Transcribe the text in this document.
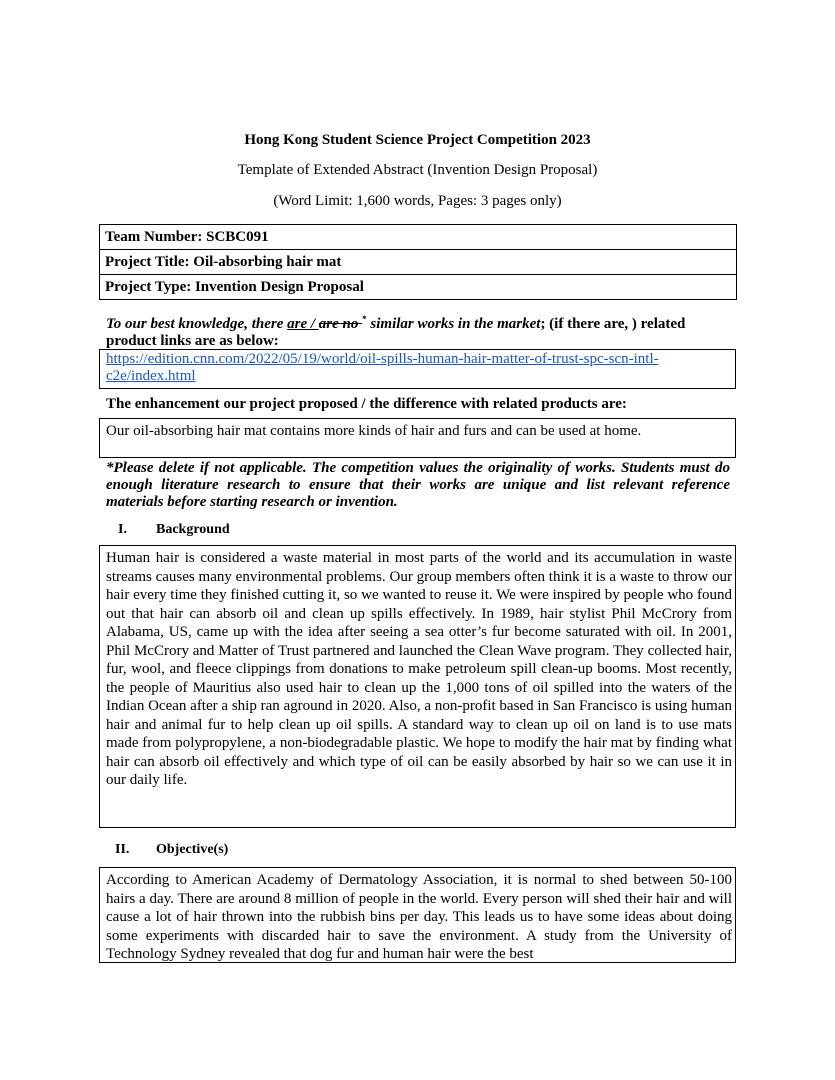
Hong Kong Student Science Project Competition 2023
Template of Extended Abstract (Invention Design Proposal)
(Word Limit: 1,600 words, Pages: 3 pages only)
Team Number: SCBC091
Project Title: Oil-absorbing hair mat
Project Type: Invention Design Proposal
To our best knowledge, there are / are no * similar works in the market; (if there are, ) related product links are as below:
https://edition.cnn.com/2022/05/19/world/oil-spills-human-hair-matter-of-trust-spc-scn-intl-c2e/index.html
The enhancement our project proposed / the difference with related products are:
Our oil-absorbing hair mat contains more kinds of hair and furs and can be used at home.
*Please delete if not applicable. The competition values the originality of works. Students must do enough literature research to ensure that their works are unique and list relevant reference materials before starting research or invention.
I. Background
Human hair is considered a waste material in most parts of the world and its accumulation in waste streams causes many environmental problems. Our group members often think it is a waste to throw our hair every time they finished cutting it, so we wanted to reuse it. We were inspired by people who found out that hair can absorb oil and clean up spills effectively. In 1989, hair stylist Phil McCrory from Alabama, US, came up with the idea after seeing a sea otter’s fur become saturated with oil. In 2001, Phil McCrory and Matter of Trust partnered and launched the Clean Wave program. They collected hair, fur, wool, and fleece clippings from donations to make petroleum spill clean-up booms. Most recently, the people of Mauritius also used hair to clean up the 1,000 tons of oil spilled into the waters of the Indian Ocean after a ship ran aground in 2020. Also, a non-profit based in San Francisco is using human hair and animal fur to help clean up oil spills. A standard way to clean up oil on land is to use mats made from polypropylene, a non-biodegradable plastic. We hope to modify the hair mat by finding what hair can absorb oil effectively and which type of oil can be easily absorbed by hair so we can use it in our daily life.
II. Objective(s)
According to American Academy of Dermatology Association, it is normal to shed between 50-100 hairs a day. There are around 8 million of people in the world. Every person will shed their hair and will cause a lot of hair thrown into the rubbish bins per day. This leads us to have some ideas about doing some experiments with discarded hair to save the environment. A study from the University of Technology Sydney revealed that dog fur and human hair were the best
